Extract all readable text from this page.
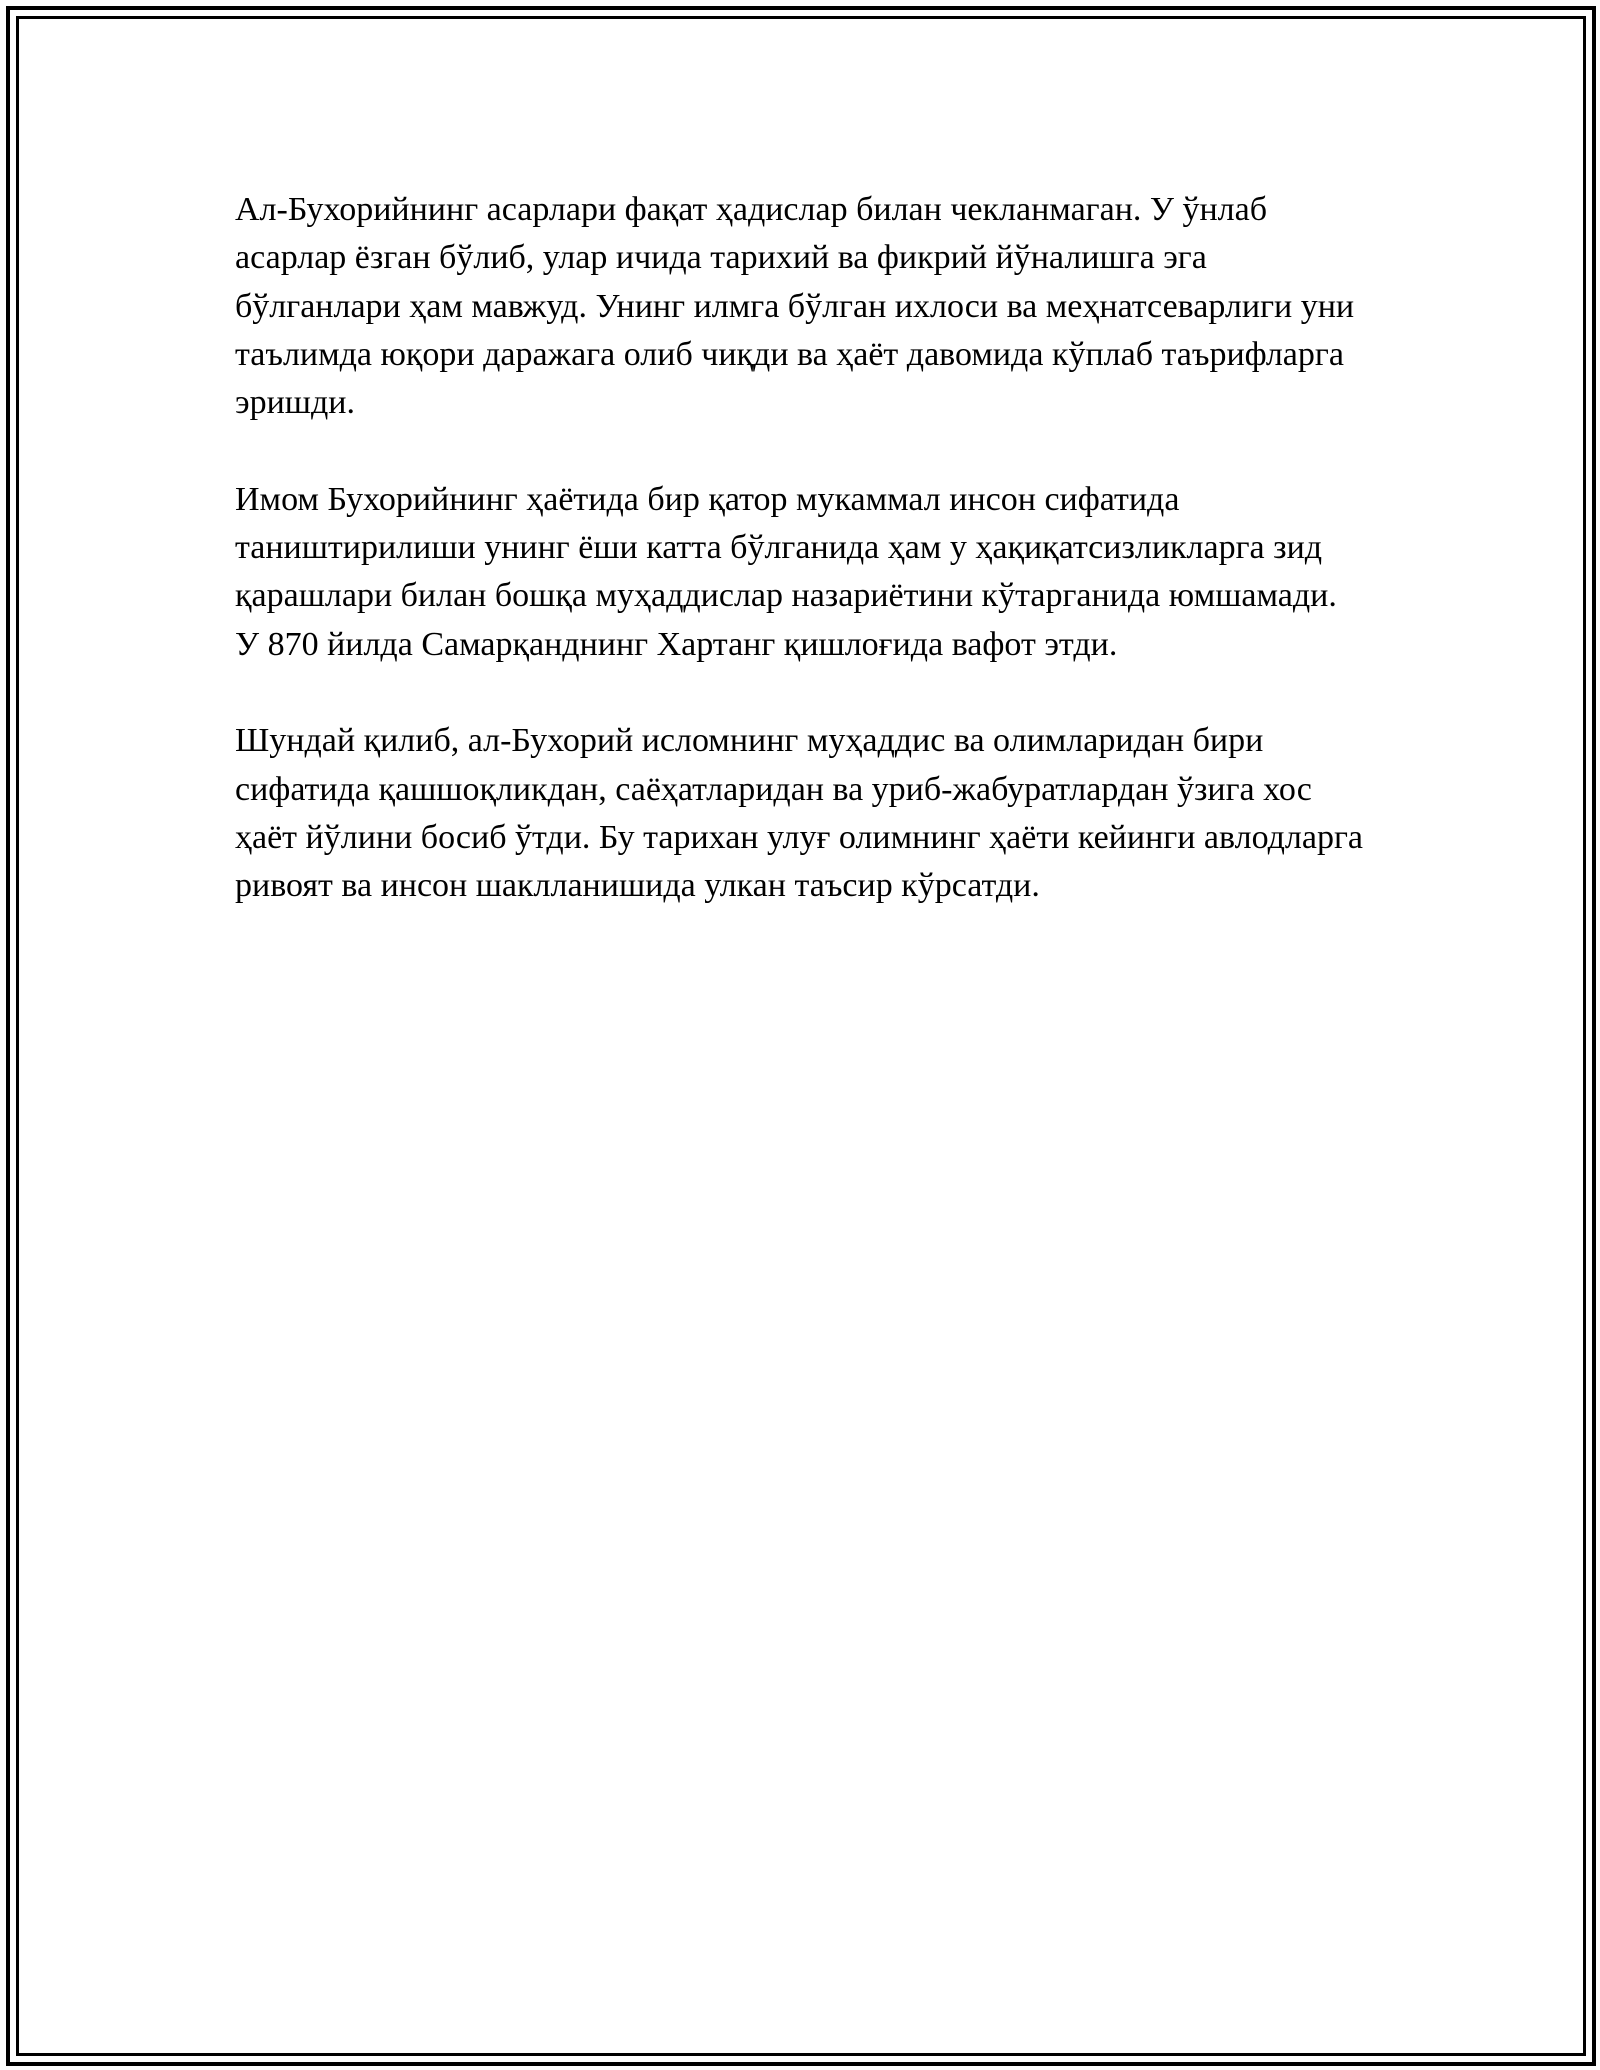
Ал-Бухорийнинг асарлари фақат ҳадислар билан чекланмаган. У ўнлаб асарлар ёзган бўлиб, улар ичида тарихий ва фикрий йўналишга эга бўлганлари ҳам мавжуд. Унинг илмга бўлган ихлоси ва меҳнатсеварлиги уни таълимда юқори даражага олиб чиқди ва ҳаёт давомида кўплаб таърифларга эришди.

Имом Бухорийнинг ҳаётида бир қатор мукаммал инсон сифатида таништирилиши унинг ёши катта бўлганида ҳам у ҳақиқатсизликларга зид қарашлари билан бошқа муҳаддислар назариётини кўтарганида юмшамади. У 870 йилда Самарқанднинг Хартанг қишлоғида вафот этди.

Шундай қилиб, ал-Бухорий исломнинг муҳаддис ва олимларидан бири сифатида қашшоқликдан, саёҳатларидан ва уриб-жабуратлардан ўзига хос ҳаёт йўлини босиб ўтди. Бу тарихан улуғ олимнинг ҳаёти кейинги авлодларга ривоят ва инсон шаклланишида улкан таъсир кўрсатди.
